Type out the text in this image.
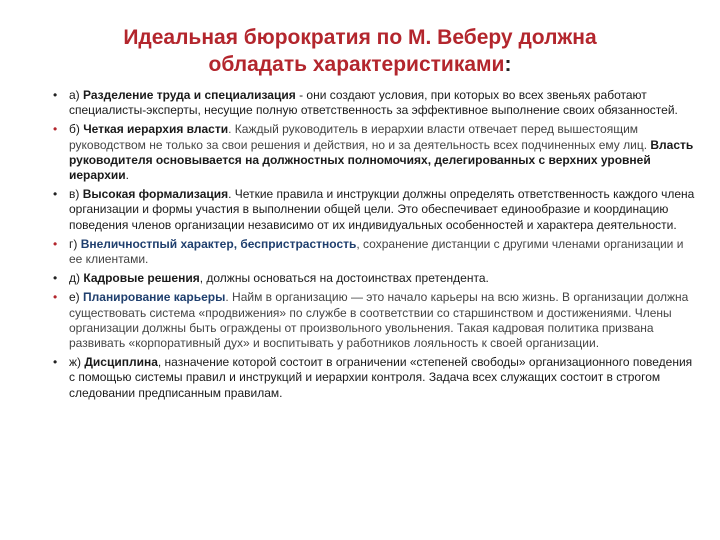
Идеальная бюрократия по М. Веберу должна
обладать характеристиками:
• а) Разделение труда и специализация - они создают условия, при которых во всех звеньях работают специалисты-эксперты, несущие полную ответственность за эффективное выполнение своих обязанностей.
• б) Четкая иерархия власти. Каждый руководитель в иерархии власти отвечает перед вышестоящим руководством не только за свои решения и действия, но и за деятельность всех подчиненных ему лиц. Власть руководителя основывается на должностных полномочиях, делегированных с верхних уровней иерархии.
• в) Высокая формализация. Четкие правила и инструкции должны определять ответственность каждого члена организации и формы участия в выполнении общей цели. Это обеспечивает единообразие и координацию поведения членов организации независимо от их индивидуальных особенностей и характера деятельности.
• г) Внеличностпый характер, беспристрастность, сохранение дистанции с другими членами организации и ее клиентами.
• д) Кадровые решения, должны основаться на достоинствах претендента.
• е) Планирование карьеры. Найм в организацию — это начало карьеры на всю жизнь. В организации должна существовать система «продвижения» по службе в соответствии со старшинством и достижениями. Члены организации должны быть ограждены от произвольного увольнения. Такая кадровая политика призвана развивать «корпоративный дух» и воспитывать у работников лояльность к своей организации.
• ж) Дисциплина, назначение которой состоит в ограничении «степеней свободы» организационного поведения с помощью системы правил и инструкций и иерархии контроля. Задача всех служащих состоит в строгом следовании предписанным правилам.
